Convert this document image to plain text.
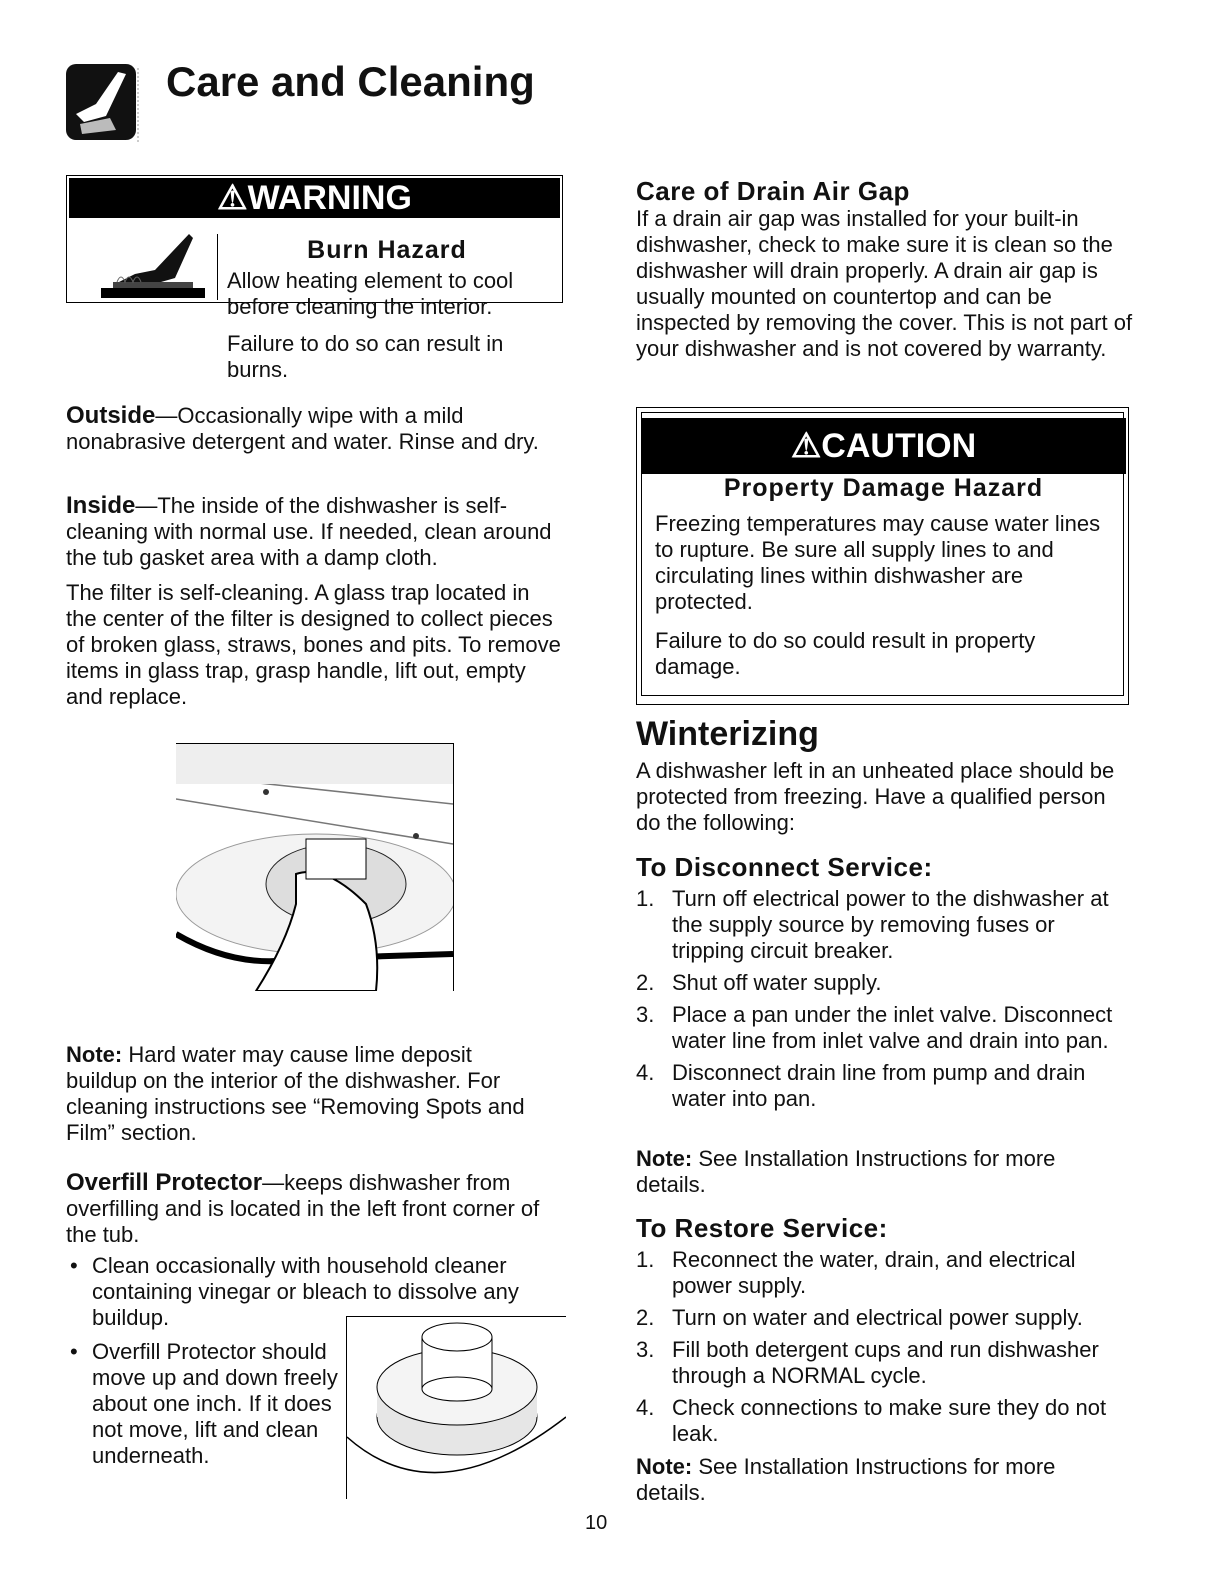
Care and Cleaning
⚠WARNING
Burn Hazard

Allow heating element to cool before cleaning the interior.

Failure to do so can result in burns.

Outside—Occasionally wipe with a mild nonabrasive detergent and water. Rinse and dry.

Inside—The inside of the dishwasher is self-cleaning with normal use. If needed, clean around the tub gasket area with a damp cloth.

The filter is self-cleaning. A glass trap located in the center of the filter is designed to collect pieces of broken glass, straws, bones and pits. To remove items in glass trap, grasp handle, lift out, empty and replace.

Note: Hard water may cause lime deposit buildup on the interior of the dishwasher. For cleaning instructions see “Removing Spots and Film” section.

Overfill Protector—keeps dishwasher from overfilling and is located in the left front corner of the tub.

• Clean occasionally with household cleaner containing vinegar or bleach to dissolve any buildup.
• Overfill Protector should move up and down freely about one inch. If it does not move, lift and clean underneath.
Care of Drain Air Gap

If a drain air gap was installed for your built-in dishwasher, check to make sure it is clean so the dishwasher will drain properly. A drain air gap is usually mounted on countertop and can be inspected by removing the cover. This is not part of your dishwasher and is not covered by warranty.

⚠CAUTION
Property Damage Hazard

Freezing temperatures may cause water lines to rupture. Be sure all supply lines to and circulating lines within dishwasher are protected.

Failure to do so could result in property damage.

Winterizing

A dishwasher left in an unheated place should be protected from freezing. Have a qualified person do the following:

To Disconnect Service:
1. Turn off electrical power to the dishwasher at the supply source by removing fuses or tripping circuit breaker.
2. Shut off water supply.
3. Place a pan under the inlet valve. Disconnect water line from inlet valve and drain into pan.
4. Disconnect drain line from pump and drain water into pan.

Note: See Installation Instructions for more details.

To Restore Service:
1. Reconnect the water, drain, and electrical power supply.
2. Turn on water and electrical power supply.
3. Fill both detergent cups and run dishwasher through a NORMAL cycle.
4. Check connections to make sure they do not leak.

Note: See Installation Instructions for more details.

10
